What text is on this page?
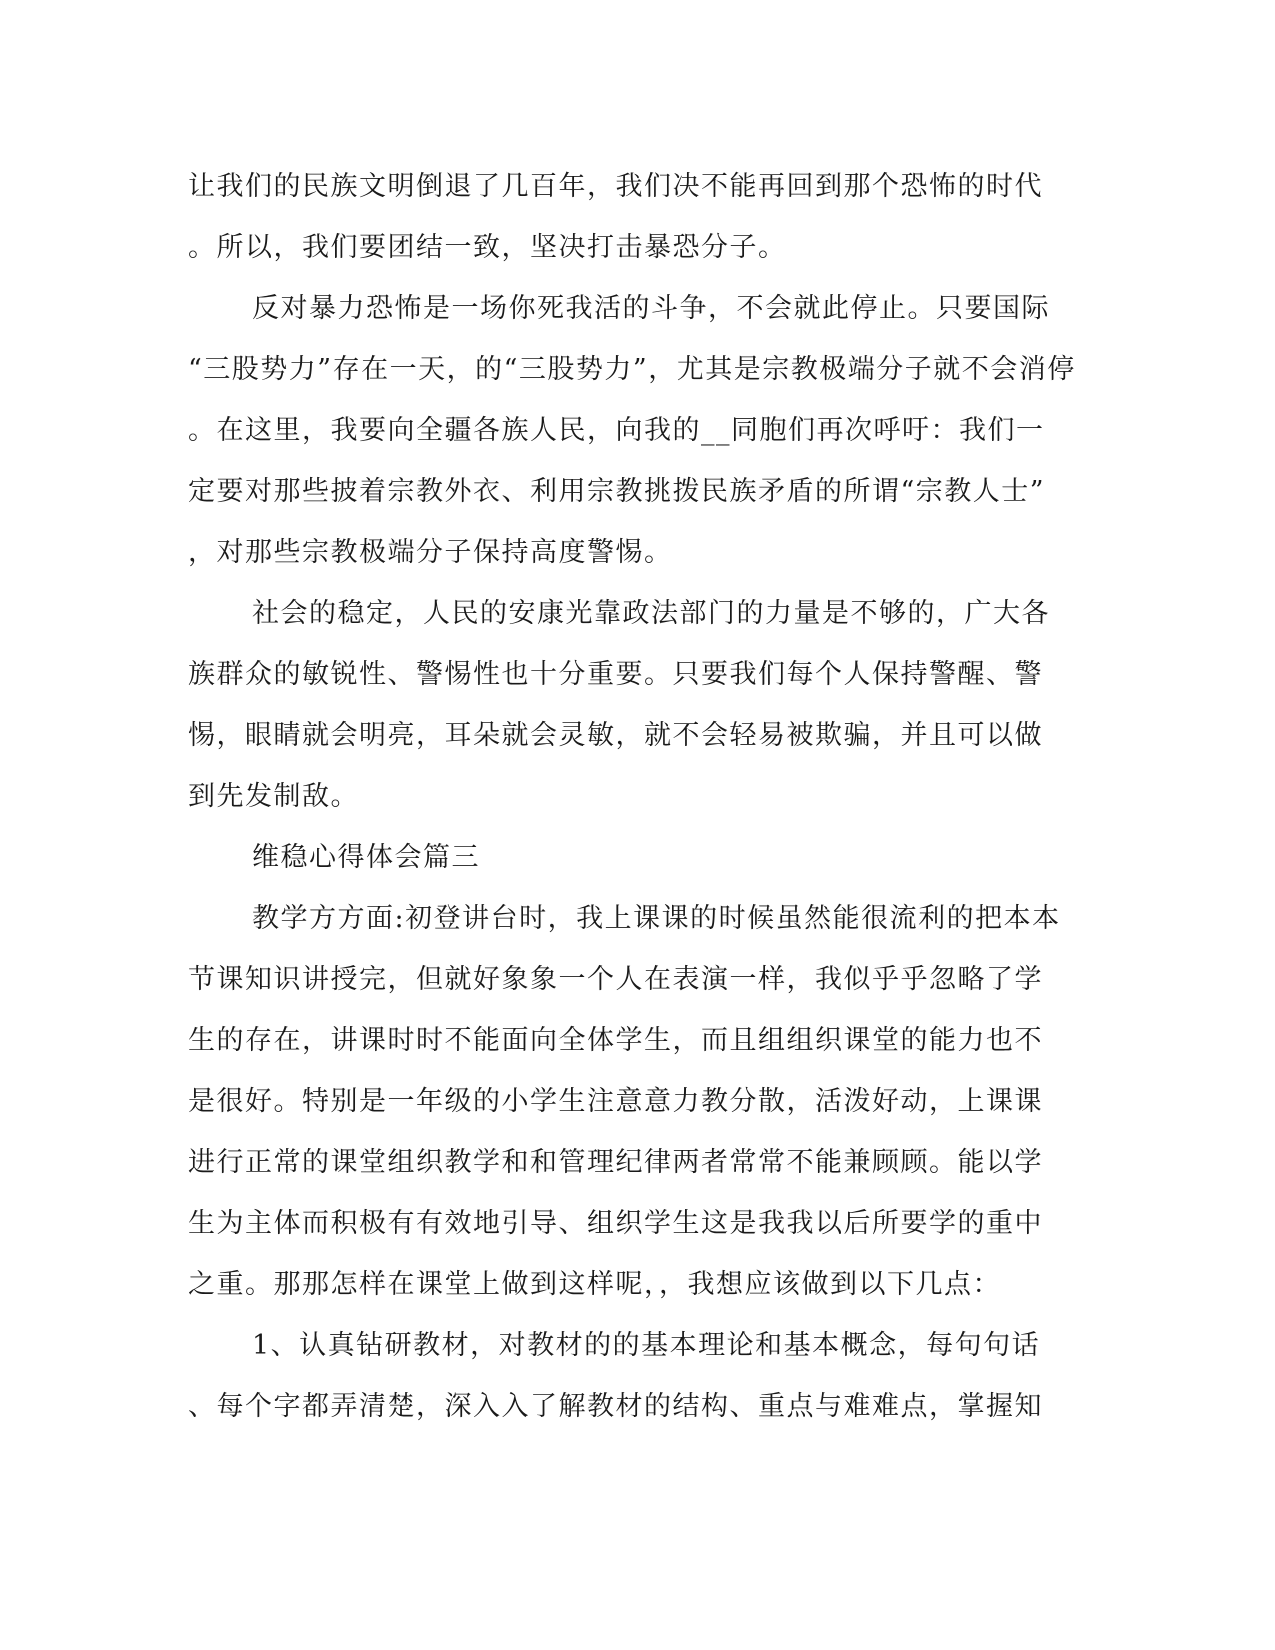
让我们的民族文明倒退了几百年，我们决不能再回到那个恐怖的时代
。所以，我们要团结一致，坚决打击暴恐分子。
反对暴力恐怖是一场你死我活的斗争，不会就此停止。只要国际
“三股势力”存在一天，的“三股势力”，尤其是宗教极端分子就不会消停
。在这里，我要向全疆各族人民，向我的__同胞们再次呼吁：我们一
定要对那些披着宗教外衣、利用宗教挑拨民族矛盾的所谓“宗教人士”
，对那些宗教极端分子保持高度警惕。
社会的稳定，人民的安康光靠政法部门的力量是不够的，广大各
族群众的敏锐性、警惕性也十分重要。只要我们每个人保持警醒、警
惕，眼睛就会明亮，耳朵就会灵敏，就不会轻易被欺骗，并且可以做
到先发制敌。
维稳心得体会篇三
教学方方面:初登讲台时，我上课课的时候虽然能很流利的把本本
节课知识讲授完，但就好象象一个人在表演一样，我似乎乎忽略了学
生的存在，讲课时时不能面向全体学生，而且组组织课堂的能力也不
是很好。特别是一年级的小学生注意意力教分散，活泼好动，上课课
进行正常的课堂组织教学和和管理纪律两者常常不能兼顾顾。能以学
生为主体而积极有有效地引导、组织学生这是我我以后所要学的重中
之重。那那怎样在课堂上做到这样呢，，我想应该做到以下几点：
1、认真钻研教材，对教材的的基本理论和基本概念，每句句话
、每个字都弄清楚，深入入了解教材的结构、重点与难难点，掌握知
